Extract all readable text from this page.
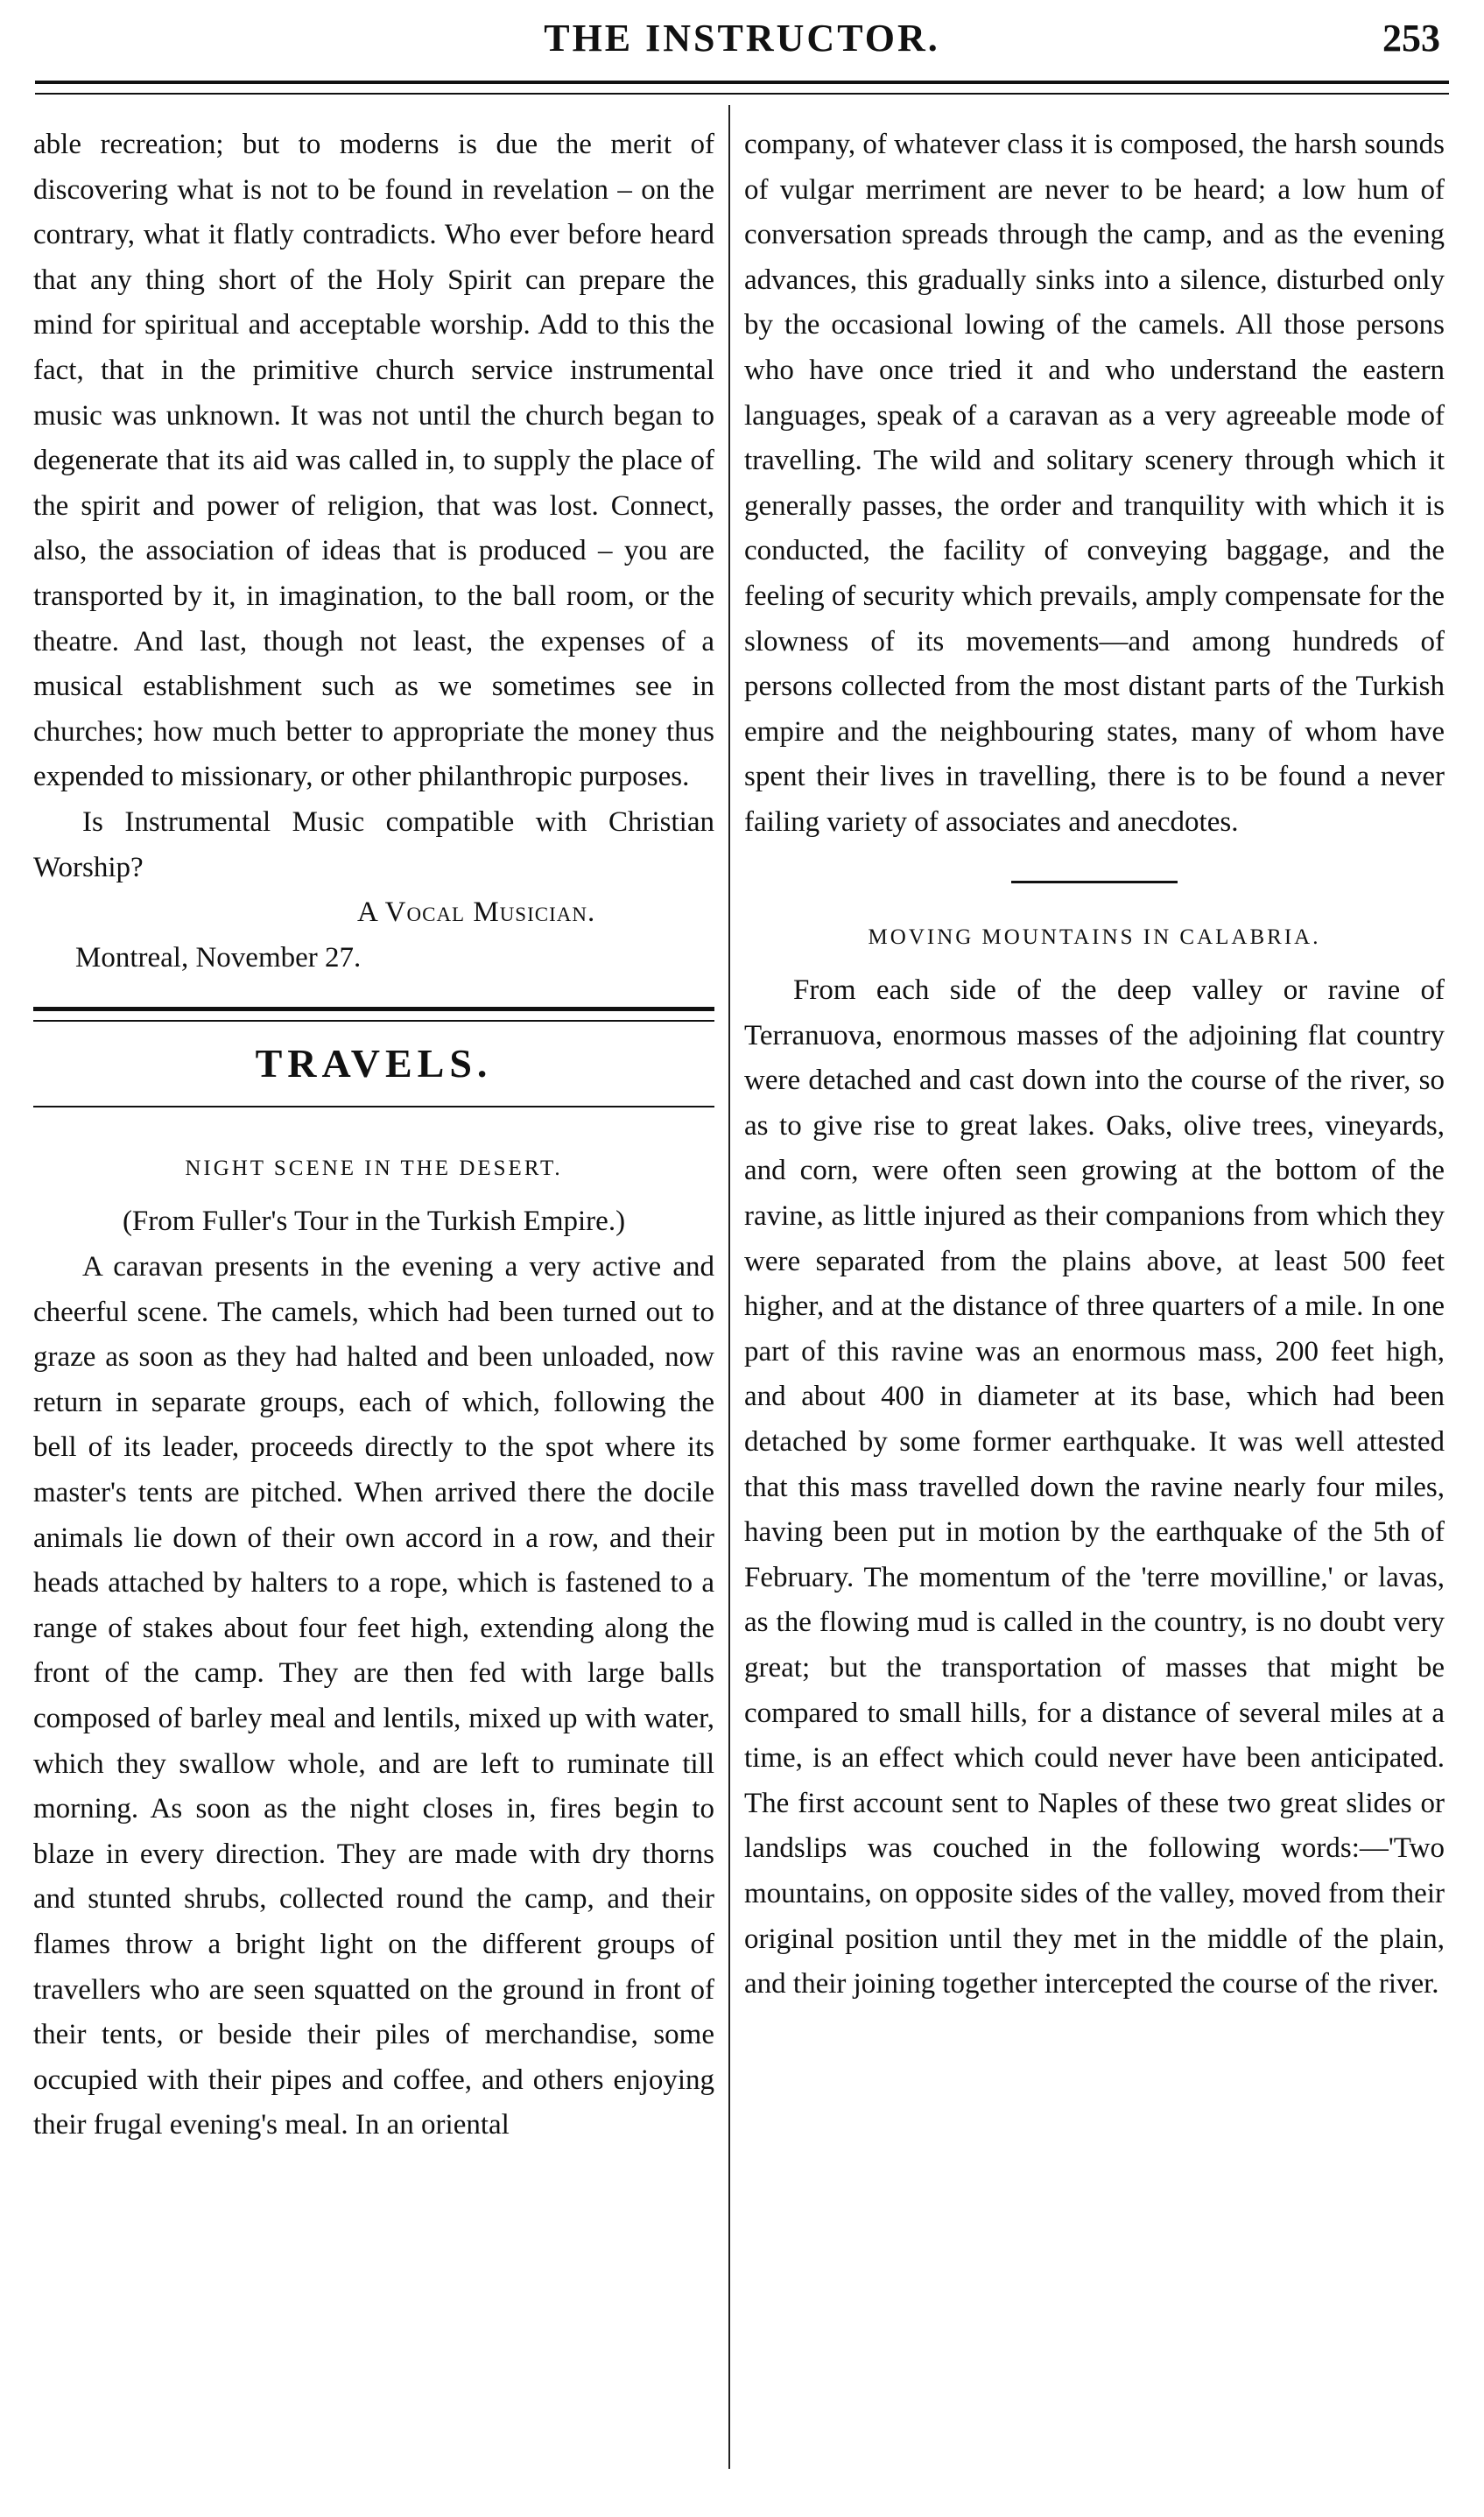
THE INSTRUCTOR.	253

able recreation; but to moderns is due the merit of discovering what is not to be found in revelation – on the contrary, what it flatly contradicts. Who ever before heard that any thing short of the Holy Spirit can prepare the mind for spiritual and acceptable worship. Add to this the fact, that in the primitive church service instrumental music was unknown. It was not until the church began to degenerate that its aid was called in, to supply the place of the spirit and power of religion, that was lost. Connect, also, the association of ideas that is produced – you are transported by it, in imagination, to the ball room, or the theatre. And last, though not least, the expenses of a musical establishment such as we sometimes see in churches; how much better to appropriate the money thus expended to missionary, or other philanthropic purposes.

Is Instrumental Music compatible with Christian Worship?

A Vocal Musician.

Montreal, November 27.

TRAVELS.
NIGHT SCENE IN THE DESERT.

(From Fuller's Tour in the Turkish Empire.)

A caravan presents in the evening a very active and cheerful scene. The camels, which had been turned out to graze as soon as they had halted and been unloaded, now return in separate groups, each of which, following the bell of its leader, proceeds directly to the spot where its master's tents are pitched. When arrived there the docile animals lie down of their own accord in a row, and their heads attached by halters to a rope, which is fastened to a range of stakes about four feet high, extending along the front of the camp. They are then fed with large balls composed of barley meal and lentils, mixed up with water, which they swallow whole, and are left to ruminate till morning. As soon as the night closes in, fires begin to blaze in every direction. They are made with dry thorns and stunted shrubs, collected round the camp, and their flames throw a bright light on the different groups of travellers who are seen squatted on the ground in front of their tents, or beside their piles of merchandise, some occupied with their pipes and coffee, and others enjoying their frugal evening's meal. In an oriental

company, of whatever class it is composed, the harsh sounds of vulgar merriment are never to be heard; a low hum of conversation spreads through the camp, and as the evening advances, this gradually sinks into a silence, disturbed only by the occasional lowing of the camels. All those persons who have once tried it and who understand the eastern languages, speak of a caravan as a very agreeable mode of travelling. The wild and solitary scenery through which it generally passes, the order and tranquility with which it is conducted, the facility of conveying baggage, and the feeling of security which prevails, amply compensate for the slowness of its movements—and among hundreds of persons collected from the most distant parts of the Turkish empire and the neighbouring states, many of whom have spent their lives in travelling, there is to be found a never failing variety of associates and anecdotes.

MOVING MOUNTAINS IN CALABRIA.

From each side of the deep valley or ravine of Terranuova, enormous masses of the adjoining flat country were detached and cast down into the course of the river, so as to give rise to great lakes. Oaks, olive trees, vineyards, and corn, were often seen growing at the bottom of the ravine, as little injured as their companions from which they were separated from the plains above, at least 500 feet higher, and at the distance of three quarters of a mile. In one part of this ravine was an enormous mass, 200 feet high, and about 400 in diameter at its base, which had been detached by some former earthquake. It was well attested that this mass travelled down the ravine nearly four miles, having been put in motion by the earthquake of the 5th of February. The momentum of the 'terre movilline,' or lavas, as the flowing mud is called in the country, is no doubt very great; but the transportation of masses that might be compared to small hills, for a distance of several miles at a time, is an effect which could never have been anticipated. The first account sent to Naples of these two great slides or landslips was couched in the following words:—'Two mountains, on opposite sides of the valley, moved from their original position until they met in the middle of the plain, and their joining together intercepted the course of the river.
